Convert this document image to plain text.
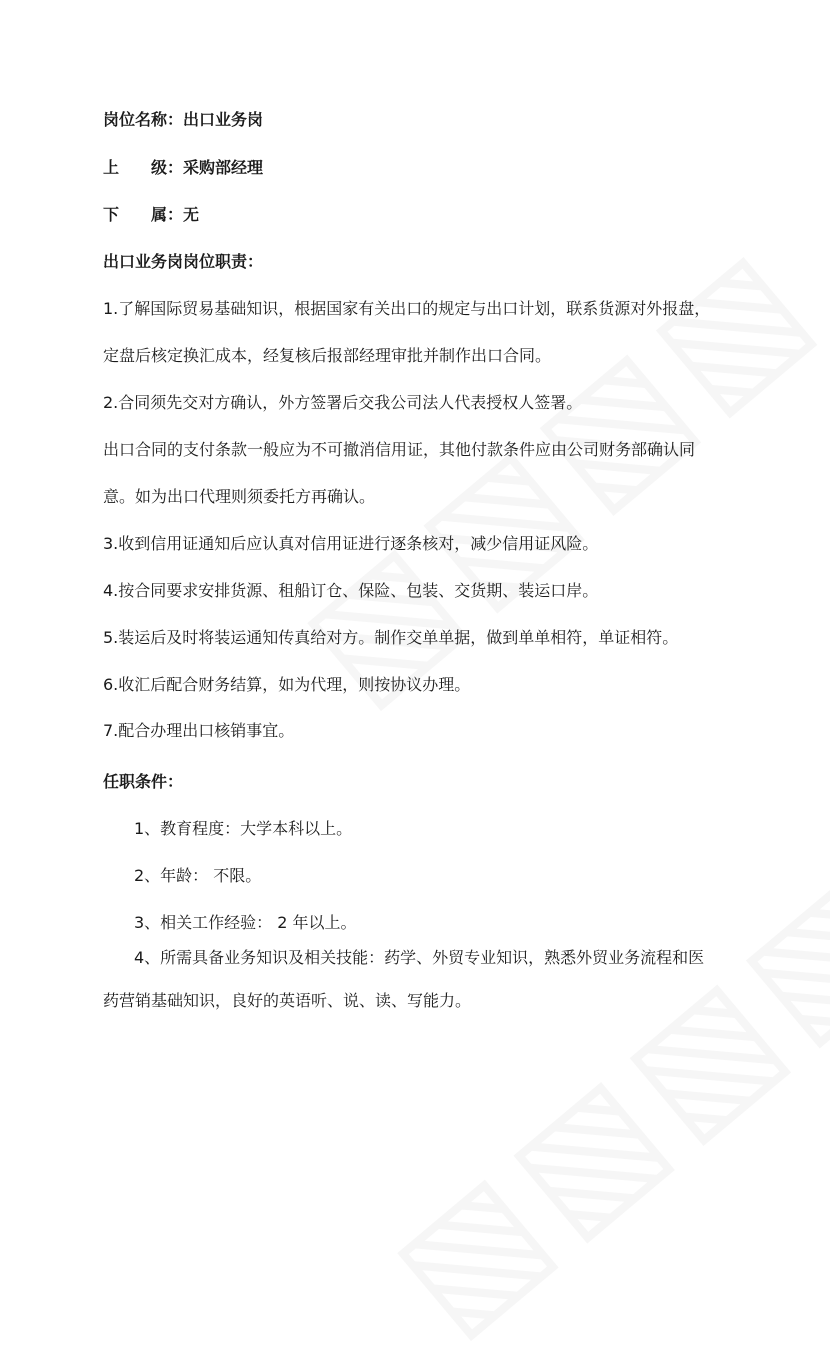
岗位名称：出口业务岗
上 级：采购部经理
下 属：无
出口业务岗岗位职责：
1.了解国际贸易基础知识，根据国家有关出口的规定与出口计划，联系货源对外报盘，
定盘后核定换汇成本，经复核后报部经理审批并制作出口合同。
2.合同须先交对方确认，外方签署后交我公司法人代表授权人签署。
出口合同的支付条款一般应为不可撤消信用证，其他付款条件应由公司财务部确认同
意。如为出口代理则须委托方再确认。
3.收到信用证通知后应认真对信用证进行逐条核对，减少信用证风险。
4.按合同要求安排货源、租船订仓、保险、包装、交货期、装运口岸。
5.装运后及时将装运通知传真给对方。制作交单单据，做到单单相符，单证相符。
6.收汇后配合财务结算，如为代理，则按协议办理。
7.配合办理出口核销事宜。
任职条件：
1、教育程度：大学本科以上。
2、年龄： 不限。
3、相关工作经验： 2 年以上。
4、所需具备业务知识及相关技能：药学、外贸专业知识，熟悉外贸业务流程和医
药营销基础知识，良好的英语听、说、读、写能力。
